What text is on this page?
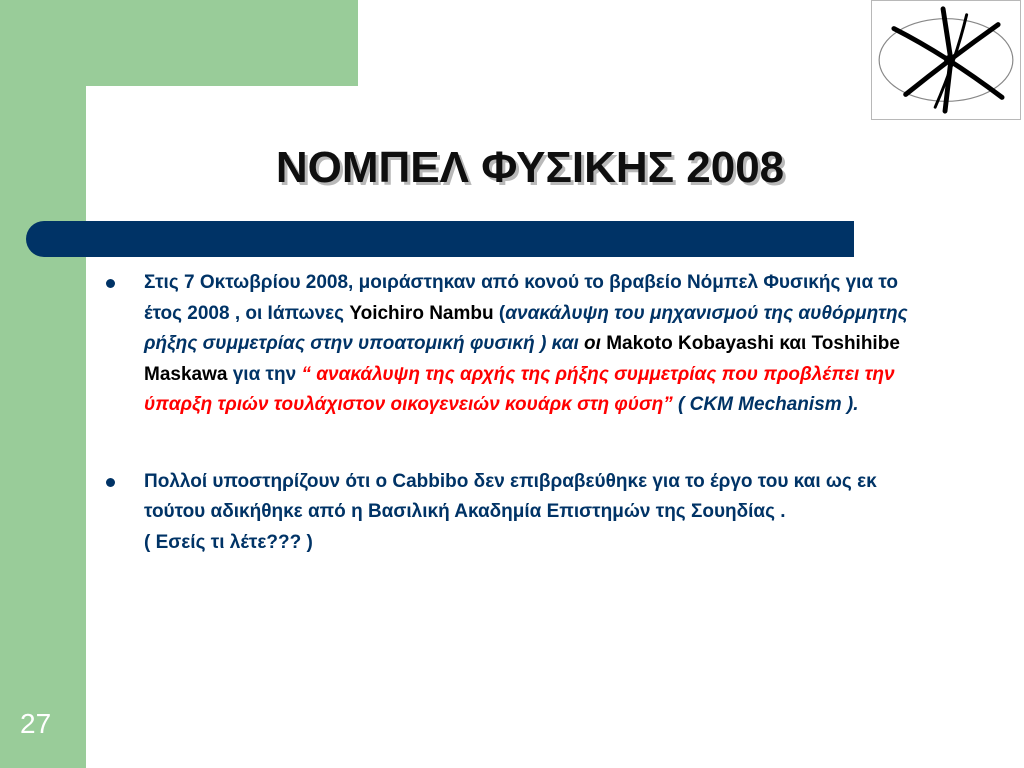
ΝΟΜΠΕΛ ΦΥΣΙΚΗΣ 2008
Στις 7 Οκτωβρίου 2008, μοιράστηκαν από κονού το βραβείο Νόμπελ Φυσικής για το έτος 2008 , οι Ιάπωνες Yoichiro Nambu (ανακάλυψη του μηχανισμού της αυθόρμητης ρήξης συμμετρίας στην υποατομική φυσική ) και οι Makoto Kobayashi και Toshihibe Maskawa για την “ ανακάλυψη της αρχής της ρήξης συμμετρίας που προβλέπει την ύπαρξη τριών τουλάχιστον οικογενειών κουάρκ στη φύση” ( CKM Mechanism ).
Πολλοί υποστηρίζουν ότι ο Cabbibo δεν επιβραβεύθηκε για το έργο του και ως εκ τούτου αδικήθηκε από η Βασιλική Ακαδημία Επιστημών της Σουηδίας .
( Εσείς τι λέτε??? )
27
